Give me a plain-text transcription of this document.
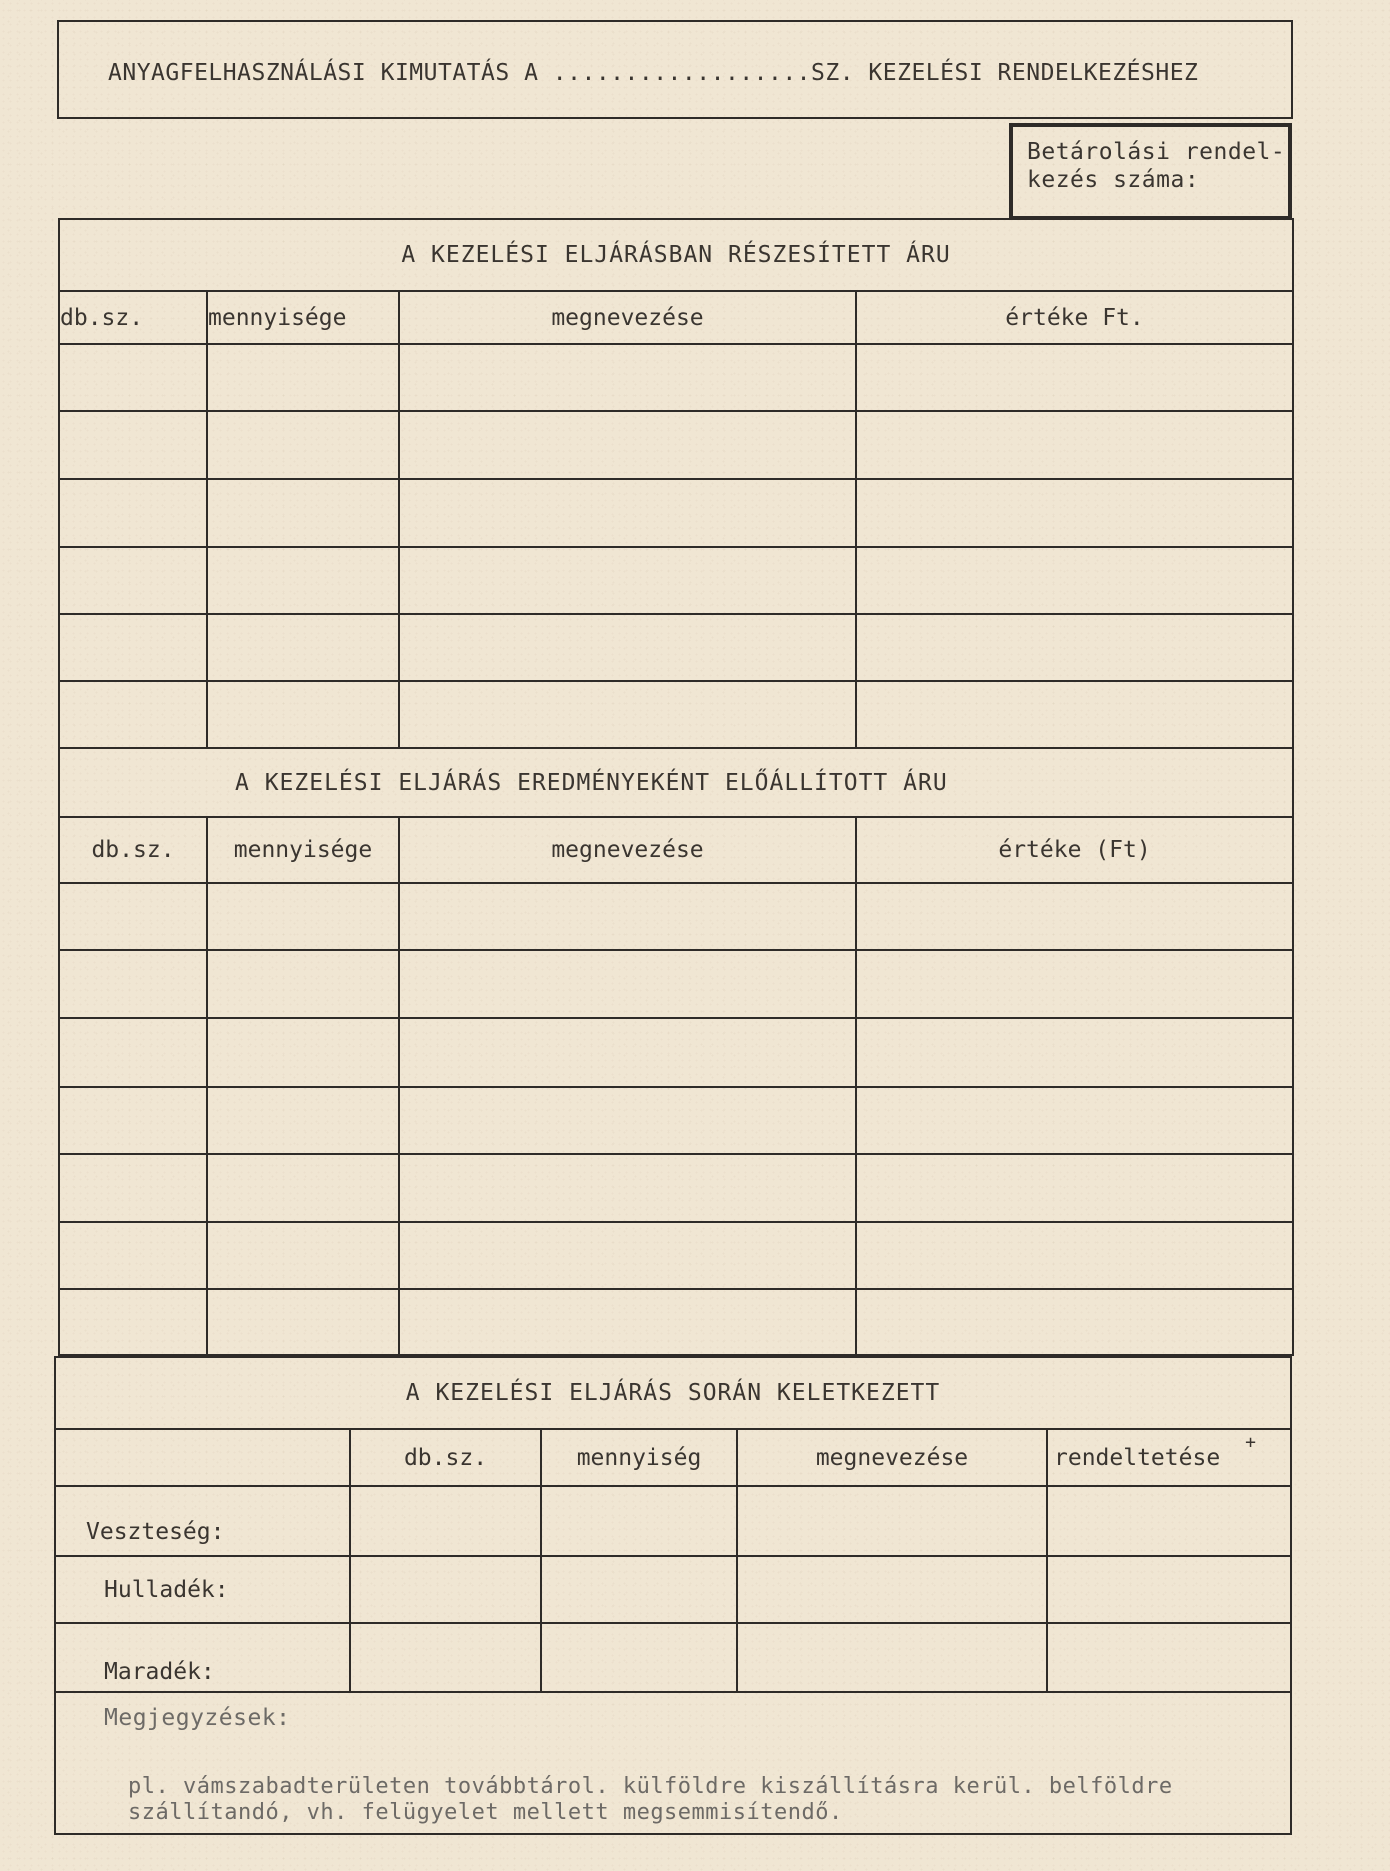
ANYAGFELHASZNÁLÁSI KIMUTATÁS A ..................SZ. KEZELÉSI RENDELKEZÉSHEZ
Betárolási rendel-
kezés száma:
A KEZELÉSI ELJÁRÁSBAN RÉSZESÍTETT ÁRU			
db.sz.	mennyisége	megnevezése	értéke Ft.

A KEZELÉSI ELJÁRÁS EREDMÉNYEKÉNT ELŐÁLLÍTOTT ÁRU			
db.sz.	mennyisége	megnevezése	értéke (Ft)

A KEZELÉSI ELJÁRÁS SORÁN KELETKEZETT				
	db.sz.	mennyiség	megnevezése	rendeltetése
+

Veszteség:				
Hulladék:				
Maradék:				

Megjegyzések:
pl. vámszabadterületen továbbtárol. külföldre kiszállításra kerül. belföldre
szállítandó, vh. felügyelet mellett megsemmisítendő.				
